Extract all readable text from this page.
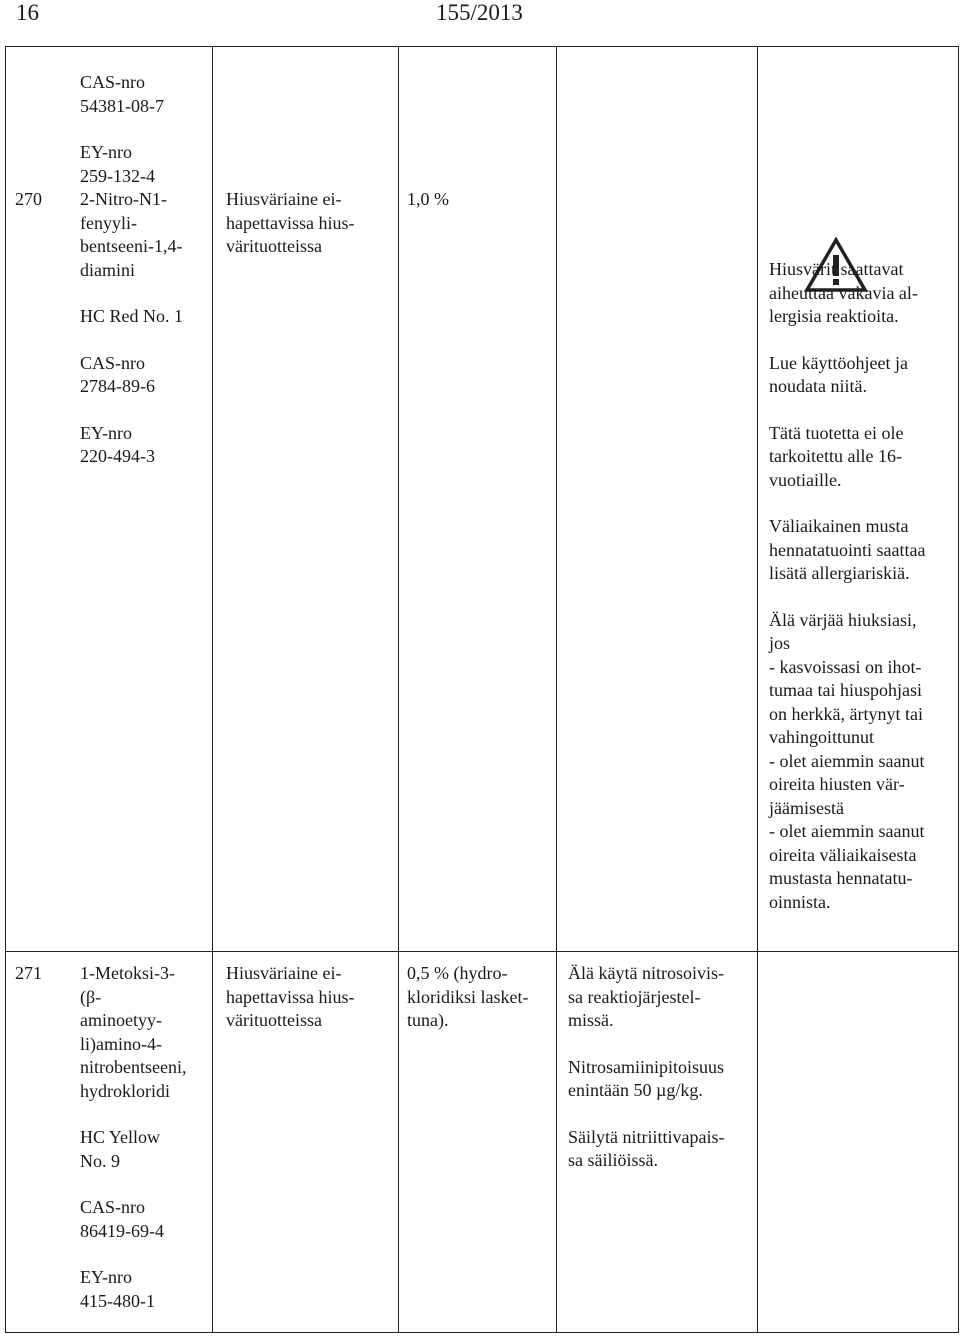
16	155/2013

CAS-nro

54381-08-7

EY-nro

259-132-4

270 2-Nitro-N1-

fenyyli-

bentseeni-1,4-

diamini

HC Red No. 1

CAS-nro

2784-89-6

EY-nro

220-494-3

Hiusväriaine ei-

hapettavissa hius-

värituotteissa

1,0 %

Hiusvärit saattavat

aiheuttaa vakavia al-

lergisia reaktioita.

Lue käyttöohjeet ja

noudata niitä.

Tätä tuotetta ei ole

tarkoitettu alle 16-

vuotiaille.

Väliaikainen musta

hennatatuointi saattaa

lisätä allergiariskiä.

Älä värjää hiuksiasi,

jos

- kasvoissasi on ihot-

tumaa tai hiuspohjasi

on herkkä, ärtynyt tai

vahingoittunut

- olet aiemmin saanut

oireita hiusten vär-

jäämisestä

- olet aiemmin saanut

oireita väliaikaisesta

mustasta hennatatu-

oinnista.

271 1-Metoksi-3-

(β-

aminoetyy-

li)amino-4-

nitrobentseeni,

hydrokloridi

HC Yellow

No. 9

CAS-nro

86419-69-4

EY-nro

415-480-1

Hiusväriaine ei-

hapettavissa hius-

värituotteissa

0,5 % (hydro-

kloridiksi lasket-

tuna).

Älä käytä nitrosoivis-

sa reaktiojärjestel-

missä.

Nitrosamiinipitoisuus

enintään 50 µg/kg.

Säilytä nitriittivapais-

sa säiliöissä.
